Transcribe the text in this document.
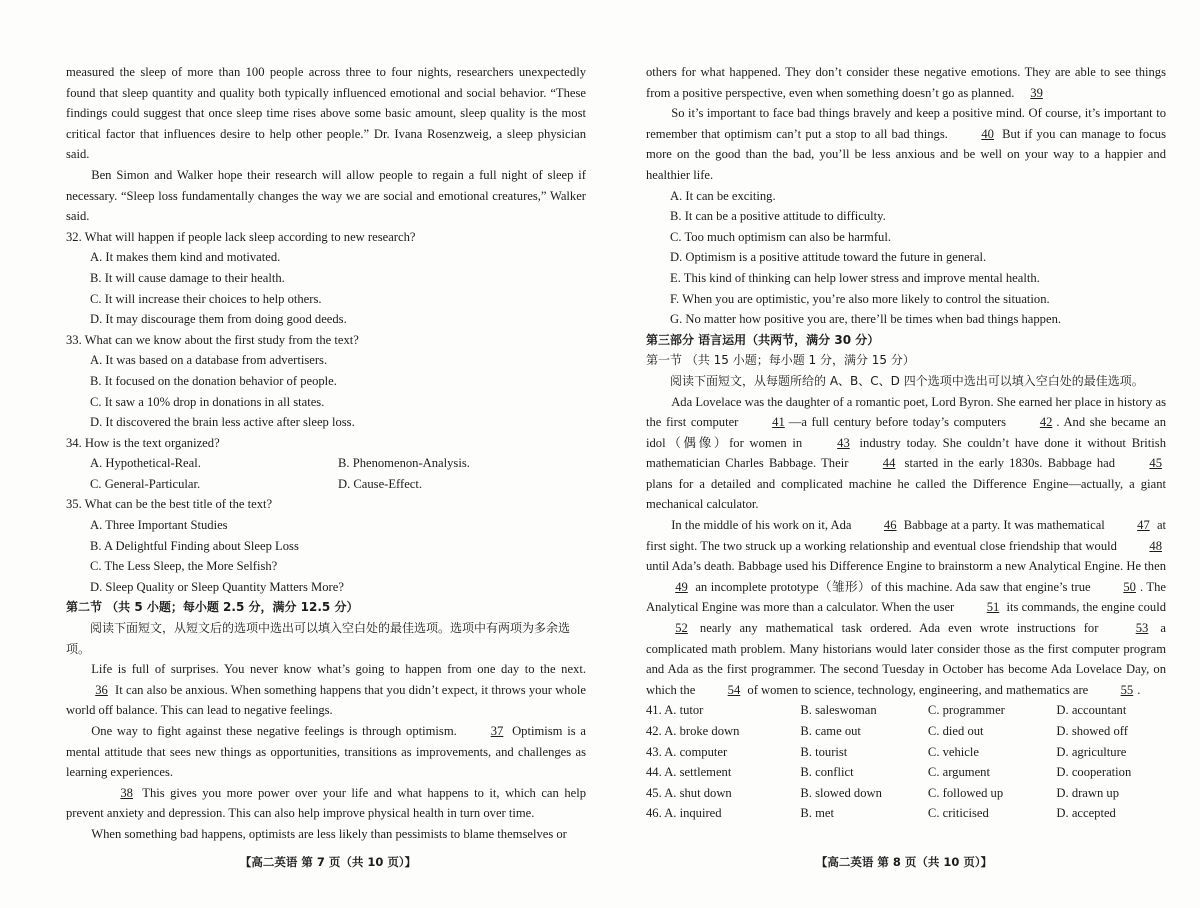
measured the sleep of more than 100 people across three to four nights, researchers unexpectedly found that sleep quantity and quality both typically influenced emotional and social behavior. “These findings could suggest that once sleep time rises above some basic amount, sleep quality is the most critical factor that influences desire to help other people.” Dr. Ivana Rosenzweig, a sleep physician said.

Ben Simon and Walker hope their research will allow people to regain a full night of sleep if necessary. “Sleep loss fundamentally changes the way we are social and emotional creatures,” Walker said.

32. What will happen if people lack sleep according to new research?

A. It makes them kind and motivated.

B. It will cause damage to their health.

C. It will increase their choices to help others.

D. It may discourage them from doing good deeds.

33. What can we know about the first study from the text?

A. It was based on a database from advertisers.

B. It focused on the donation behavior of people.

C. It saw a 10% drop in donations in all states.

D. It discovered the brain less active after sleep loss.

34. How is the text organized?

A. Hypothetical-Real.	B. Phenomenon-Analysis.
C. General-Particular.	D. Cause-Effect.

35. What can be the best title of the text?

A. Three Important Studies

B. A Delightful Finding about Sleep Loss

C. The Less Sleep, the More Selfish?

D. Sleep Quality or Sleep Quantity Matters More?

第二节 （共 5 小题；每小题 2.5 分，满分 12.5 分）

阅读下面短文，从短文后的选项中选出可以填入空白处的最佳选项。选项中有两项为多余选项。

Life is full of surprises. You never know what’s going to happen from one day to the next. 36 It can also be anxious. When something happens that you didn’t expect, it throws your whole world off balance. This can lead to negative feelings.

One way to fight against these negative feelings is through optimism.	37 Optimism is a mental attitude that sees new things as opportunities, transitions as improvements, and challenges as learning experiences.

38 This gives you more power over your life and what happens to it, which can help prevent anxiety and depression. This can also help improve physical health in turn over time.

When something bad happens, optimists are less likely than pessimists to blame themselves or

others for what happened. They don’t consider these negative emotions. They are able to see things from a positive perspective, even when something doesn’t go as planned. 39

So it’s important to face bad things bravely and keep a positive mind. Of course, it’s important to remember that optimism can’t put a stop to all bad things.	40 But if you can manage to focus more on the good than the bad, you’ll be less anxious and be well on your way to a happier and healthier life.

A. It can be exciting.

B. It can be a positive attitude to difficulty.

C. Too much optimism can also be harmful.

D. Optimism is a positive attitude toward the future in general.

E. This kind of thinking can help lower stress and improve mental health.

F. When you are optimistic, you’re also more likely to control the situation.

G. No matter how positive you are, there’ll be times when bad things happen.

第三部分 语言运用（共两节，满分 30 分）

第一节 （共 15 小题；每小题 1 分，满分 15 分）

阅读下面短文，从每题所给的 A、B、C、D 四个选项中选出可以填入空白处的最佳选项。

Ada Lovelace was the daughter of a romantic poet, Lord Byron. She earned her place in history as the first computer	41 —a full century before today’s computers	42 . And she became an idol（偶像）for women in	43 industry today. She couldn’t have done it without British mathematician Charles Babbage. Their	44 started in the early 1830s. Babbage had	45 plans for a detailed and complicated machine he called the Difference Engine—actually, a giant mechanical calculator.

In the middle of his work on it, Ada	46 Babbage at a party. It was mathematical	47 at first sight. The two struck up a working relationship and eventual close friendship that would	48 until Ada’s death. Babbage used his Difference Engine to brainstorm a new Analytical Engine. He then 49 an incomplete prototype（雏形）of this machine. Ada saw that engine’s true	50 . The Analytical Engine was more than a calculator. When the user	51 its commands, the engine could 52 nearly any mathematical task ordered. Ada even wrote instructions for	53 a complicated math problem. Many historians would later consider those as the first computer program and Ada as the first programmer. The second Tuesday in October has become Ada Lovelace Day, on which the	54 of women to science, technology, engineering, and mathematics are	55 .

41. A. tutor	B. saleswoman	C. programmer	D. accountant
42. A. broke down	B. came out	C. died out	D. showed off
43. A. computer	B. tourist	C. vehicle	D. agriculture
44. A. settlement	B. conflict	C. argument	D. cooperation
45. A. shut down	B. slowed down	C. followed up	D. drawn up
46. A. inquired	B. met	C. criticised	D. accepted
【高二英语 第 7 页（共 10 页）】	【高二英语 第 8 页（共 10 页）】
